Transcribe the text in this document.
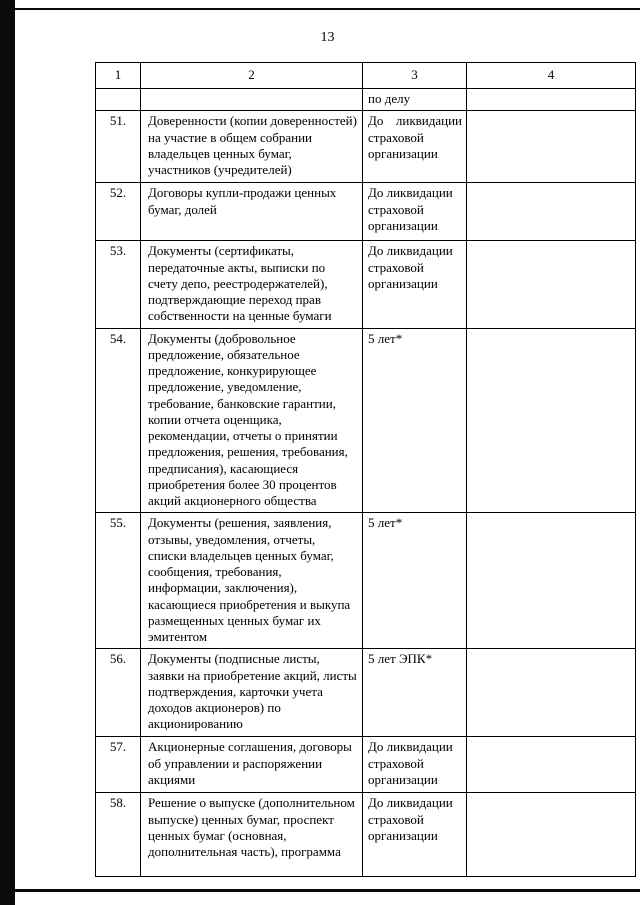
13
1	2	3	4
		по делу	
51.	Доверенности (копии доверенностей) на участие в общем собрании владельцев ценных бумаг, участников (учредителей)	До ликвидации страховой организации	
52.	Договоры купли-продажи ценных бумаг, долей	До ликвидации страховой организации	
53.	Документы (сертификаты, передаточные акты, выписки по счету депо, реестродержателей), подтверждающие переход прав собственности на ценные бумаги	До ликвидации страховой организации	
54.	Документы (добровольное предложение, обязательное предложение, конкурирующее предложение, уведомление, требование, банковские гарантии, копии отчета оценщика, рекомендации, отчеты о принятии предложения, решения, требования, предписания), касающиеся приобретения более 30 процентов акций акционерного общества	5 лет*	
55.	Документы (решения, заявления, отзывы, уведомления, отчеты, списки владельцев ценных бумаг, сообщения, требования, информации, заключения), касающиеся приобретения и выкупа размещенных ценных бумаг их эмитентом	5 лет*	
56.	Документы (подписные листы, заявки на приобретение акций, листы подтверждения, карточки учета доходов акционеров) по акционированию	5 лет ЭПК*	
57.	Акционерные соглашения, договоры об управлении и распоряжении акциями	До ликвидации страховой организации	
58.	Решение о выпуске (дополнительном выпуске) ценных бумаг, проспект ценных бумаг (основная, дополнительная часть), программа	До ликвидации страховой организации	
